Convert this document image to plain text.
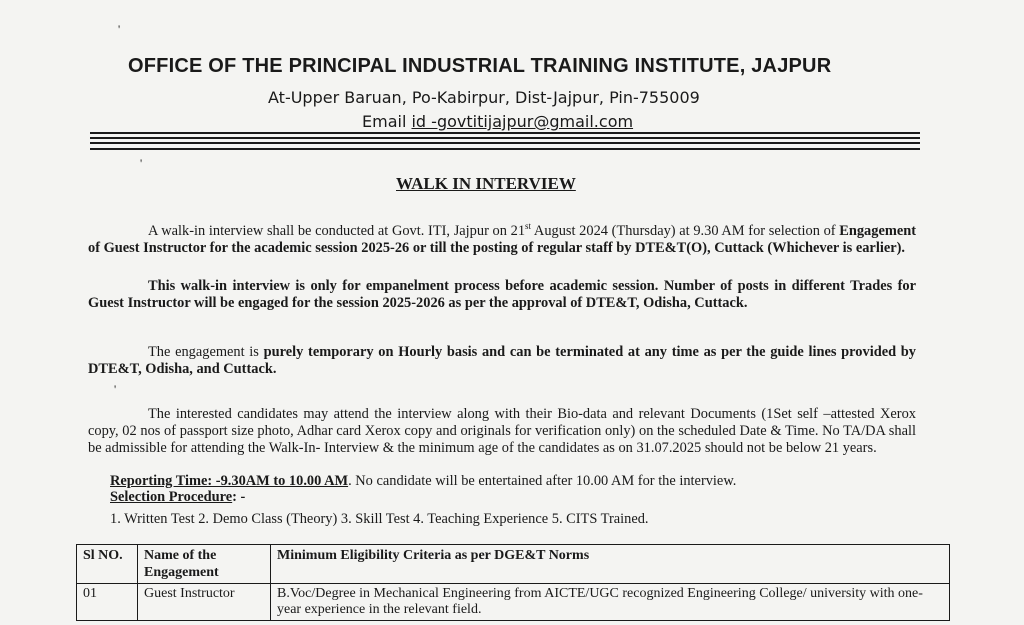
'
'
'
OFFICE OF THE PRINCIPAL INDUSTRIAL TRAINING INSTITUTE, JAJPUR
At-Upper Baruan, Po-Kabirpur, Dist-Jajpur, Pin-755009
Email id -govtitijajpur@gmail.com
WALK IN INTERVIEW
A walk-in interview shall be conducted at Govt. ITI, Jajpur on 21st August 2024 (Thursday) at 9.30 AM for selection of Engagement of Guest Instructor for the academic session 2025-26 or till the posting of regular staff by DTE&T(O), Cuttack (Whichever is earlier).
This walk-in interview is only for empanelment process before academic session. Number of posts in different Trades for Guest Instructor will be engaged for the session 2025-2026 as per the approval of DTE&T, Odisha, Cuttack.
The engagement is purely temporary on Hourly basis and can be terminated at any time as per the guide lines provided by DTE&T, Odisha, and Cuttack.
The interested candidates may attend the interview along with their Bio-data and relevant Documents (1Set self –attested Xerox copy, 02 nos of passport size photo, Adhar card Xerox copy and originals for verification only) on the scheduled Date & Time. No TA/DA shall be admissible for attending the Walk-In- Interview & the minimum age of the candidates as on 31.07.2025 should not be below 21 years.
Reporting Time: -9.30AM to 10.00 AM. No candidate will be entertained after 10.00 AM for the interview.
Selection Procedure: -
1. Written Test 2. Demo Class (Theory) 3. Skill Test 4. Teaching Experience 5. CITS Trained.
Sl NO.	Name of the Engagement	Minimum Eligibility Criteria as per DGE&T Norms
01	Guest Instructor	B.Voc/Degree in Mechanical Engineering from AICTE/UGC recognized Engineering College/ university with one-year experience in the relevant field.
